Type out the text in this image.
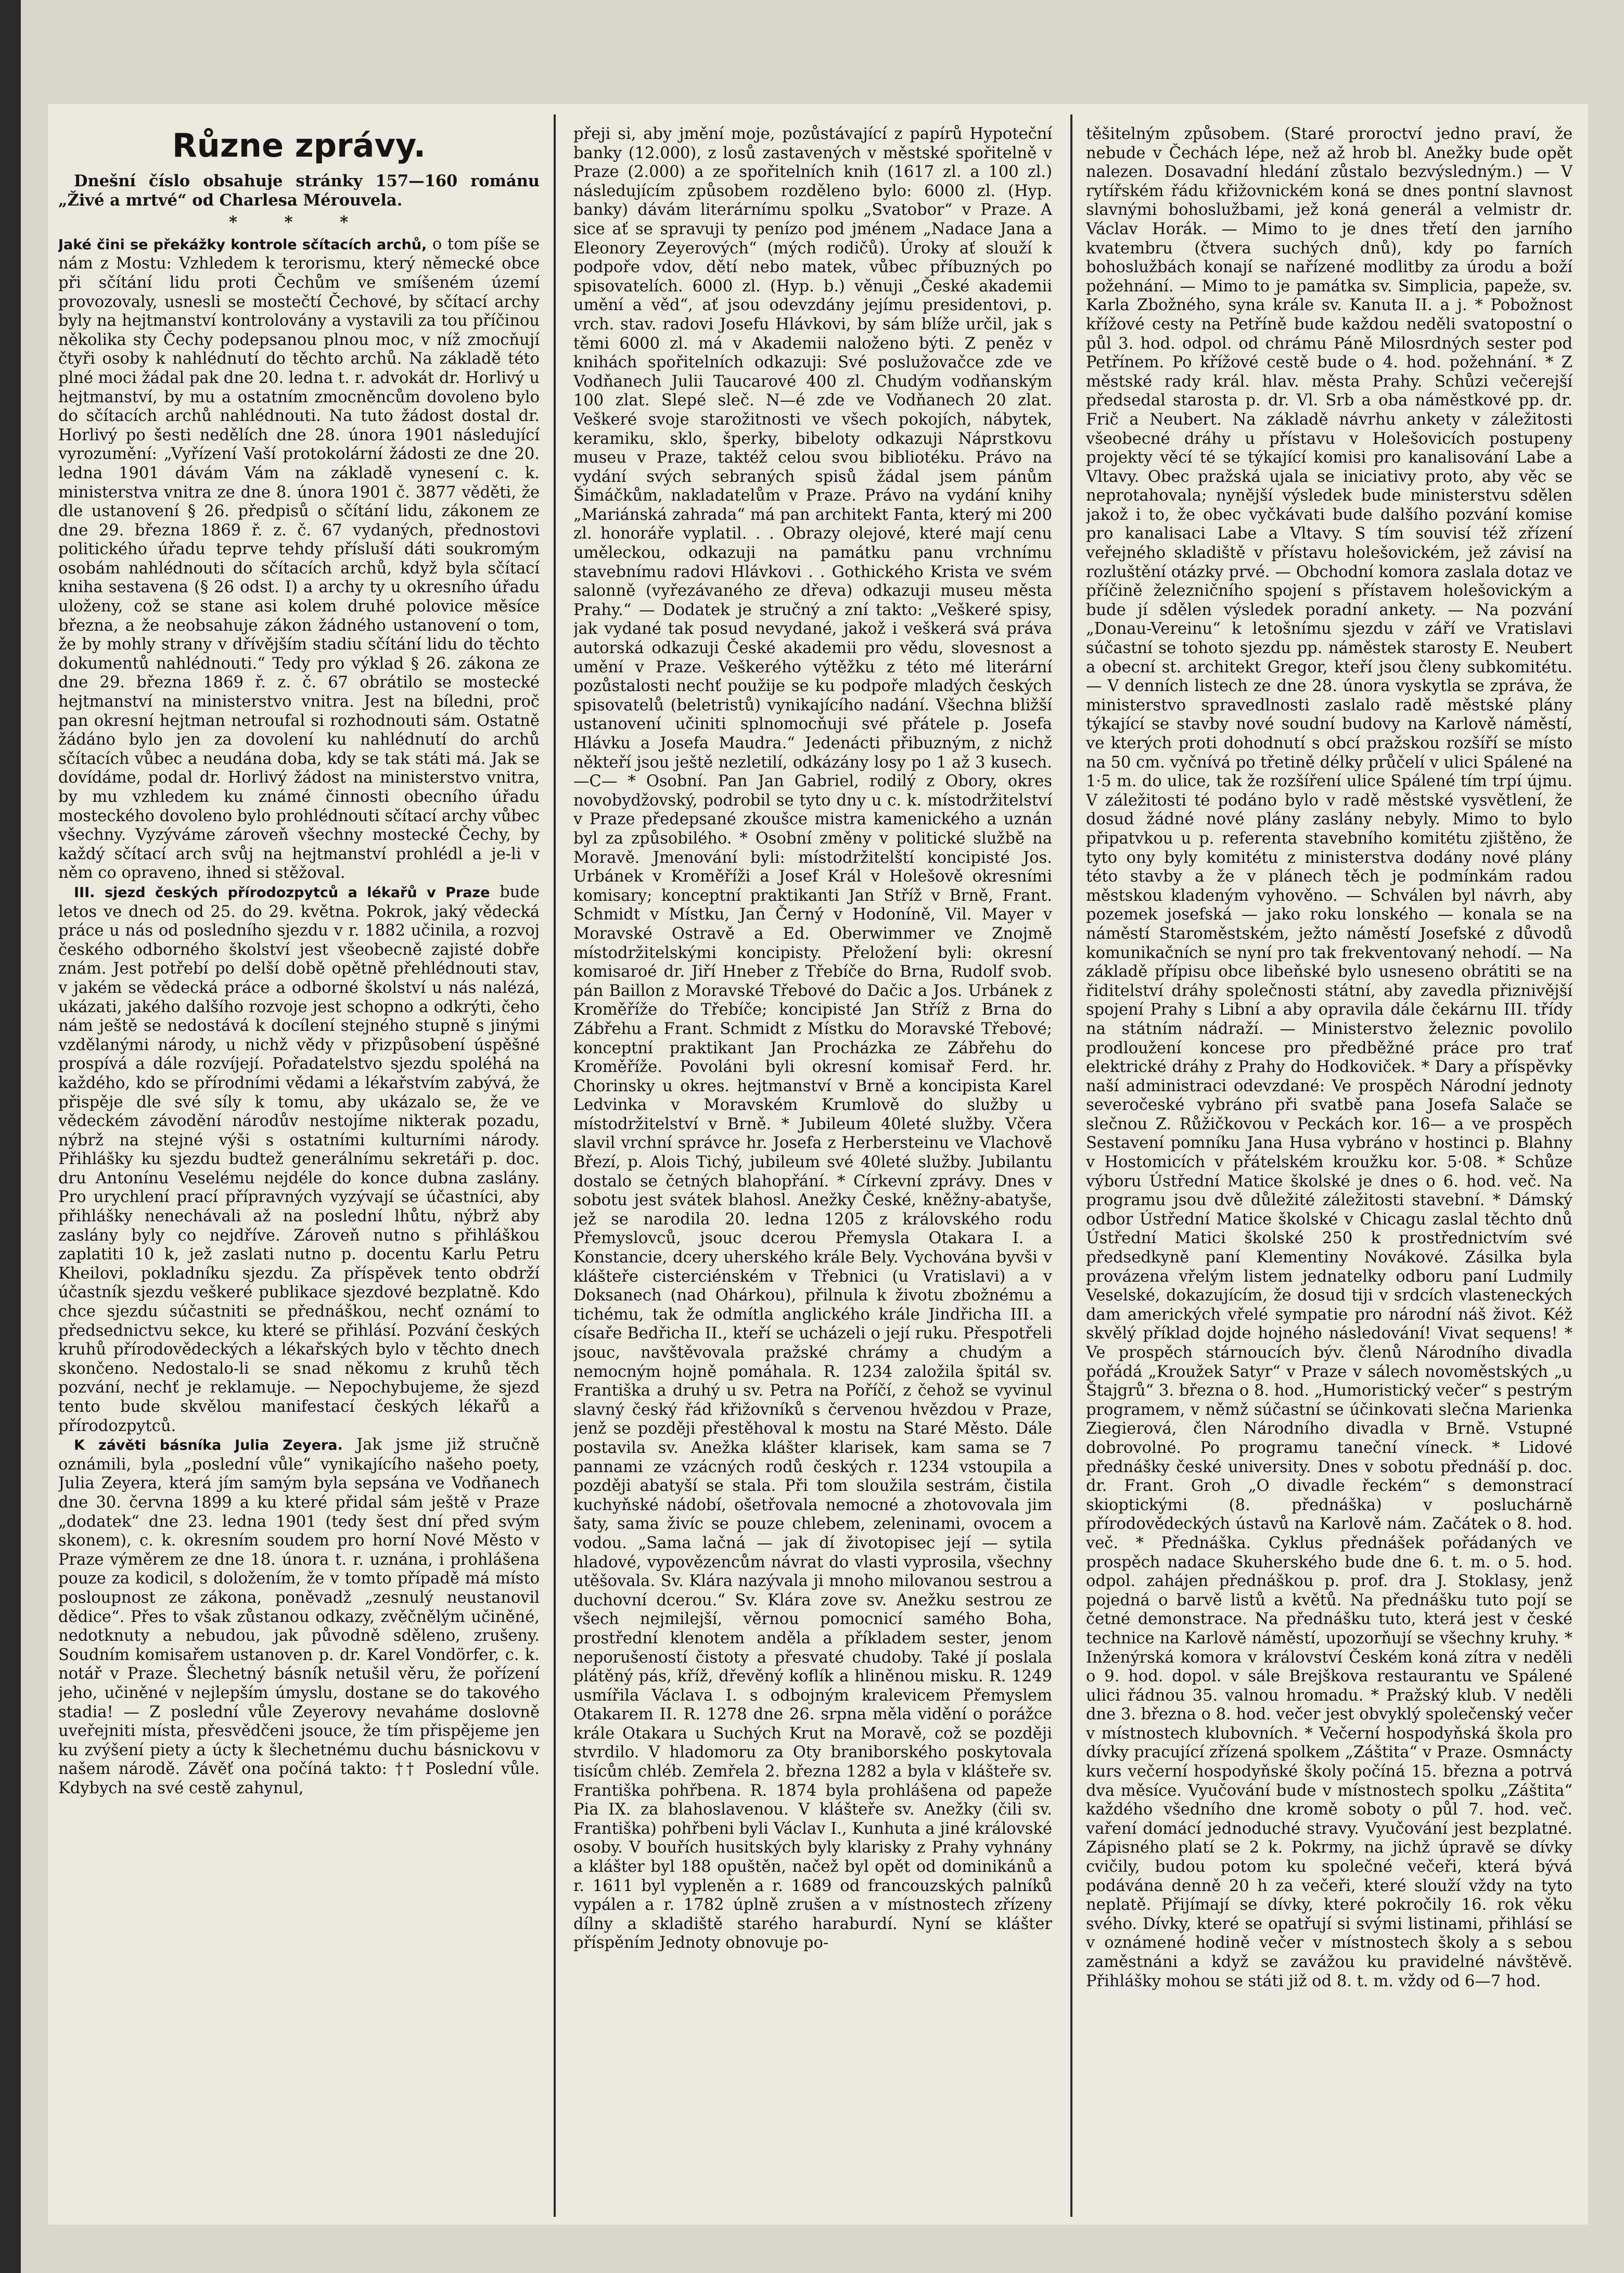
Různe zprávy.

Dnešní číslo obsahuje stránky 157—160 románu „Živé a mrtvé“ od Charlesa Mérouvela.

* * *

Jaké čini se překážky kontrole sčítacích archů, o tom píše se nám z Mostu: Vzhledem k terorismu, který německé obce při sčítání lidu proti Čechům ve smíšeném území provozovaly, usnesli se mostečtí Čechové, by sčítací archy byly na hejtmanství kontrolovány a vystavili za tou příčinou několika sty Čechy podepsanou plnou moc, v níž zmocňují čtyři osoby k nahlédnutí do těchto archů. Na základě této plné moci žádal pak dne 20. ledna t. r. advokát dr. Horlivý u hejtmanství, by mu a ostatním zmocněncům dovoleno bylo do sčítacích archů nahlédnouti. Na tuto žádost dostal dr. Horlivý po šesti nedělích dne 28. února 1901 následující vyrozumění: „Vyřízení Vaší protokolární žádosti ze dne 20. ledna 1901 dávám Vám na základě vynesení c. k. ministerstva vnitra ze dne 8. února 1901 č. 3877 věděti, že dle ustanovení § 26. předpisů o sčítání lidu, zákonem ze dne 29. března 1869 ř. z. č. 67 vydaných, přednostovi politického úřadu teprve tehdy přísluší dáti soukromým osobám nahlédnouti do sčítacích archů, když byla sčítací kniha sestavena (§ 26 odst. I) a archy ty u okresního úřadu uloženy, což se stane asi kolem druhé polovice měsíce března, a že neobsahuje zákon žádného ustanovení o tom, že by mohly strany v dřívějším stadiu sčítání lidu do těchto dokumentů nahlédnouti.“ Tedy pro výklad § 26. zákona ze dne 29. března 1869 ř. z. č. 67 obrátilo se mostecké hejtmanství na ministerstvo vnitra. Jest na bíledni, proč pan okresní hejtman netroufal si rozhodnouti sám. Ostatně žádáno bylo jen za dovolení ku nahlédnutí do archů sčítacích vůbec a neudána doba, kdy se tak státi má. Jak se dovídáme, podal dr. Horlivý žádost na ministerstvo vnitra, by mu vzhledem ku známé činnosti obecního úřadu mosteckého dovoleno bylo prohlédnouti sčítací archy vůbec všechny. Vyzýváme zároveň všechny mostecké Čechy, by každý sčítací arch svůj na hejtmanství prohlédl a je-li v něm co opraveno, ihned si stěžoval.

III. sjezd českých přírodozpytců a lékařů v Praze bude letos ve dnech od 25. do 29. května. Pokrok, jaký vědecká práce u nás od posledního sjezdu v r. 1882 učinila, a rozvoj českého odborného školství jest všeobecně zajisté dobře znám. Jest potřebí po delší době opětně přehlédnouti stav, v jakém se vědecká práce a odborné školství u nás nalézá, ukázati, jakého dalšího rozvoje jest schopno a odkrýti, čeho nám ještě se nedostává k docílení stejného stupně s jinými vzdělanými národy, u nichž vědy v přizpůsobení úspěšné prospívá a dále rozvíjejí. Pořadatelstvo sjezdu spoléhá na každého, kdo se přírodními vědami a lékařstvím zabývá, že přispěje dle své síly k tomu, aby ukázalo se, že ve vědeckém závodění národův nestojíme nikterak pozadu, nýbrž na stejné výši s ostatními kulturními národy. Přihlášky ku sjezdu budtež generálnímu sekretáři p. doc. dru Antonínu Veselému nejdéle do konce dubna zaslány. Pro urychlení prací přípravných vyzývají se účastníci, aby přihlášky nenechávali až na poslední lhůtu, nýbrž aby zaslány byly co nejdříve. Zároveň nutno s přihláškou zaplatiti 10 k, jež zaslati nutno p. docentu Karlu Petru Kheilovi, pokladníku sjezdu. Za příspěvek tento obdrží účastník sjezdu veškeré publikace sjezdové bezplatně. Kdo chce sjezdu súčastniti se přednáškou, nechť oznámí to předsednictvu sekce, ku které se přihlásí. Pozvání českých kruhů přírodovědeckých a lékařských bylo v těchto dnech skončeno. Nedostalo-li se snad někomu z kruhů těch pozvání, nechť je reklamuje. — Nepochybujeme, že sjezd tento bude skvělou manifestací českých lékařů a přírodozpytců.

K závěti básníka Julia Zeyera. Jak jsme již stručně oznámili, byla „poslední vůle“ vynikajícího našeho poety, Julia Zeyera, která jím samým byla sepsána ve Vodňanech dne 30. června 1899 a ku které přidal sám ještě v Praze „dodatek“ dne 23. ledna 1901 (tedy šest dní před svým skonem), c. k. okresním soudem pro horní Nové Město v Praze výměrem ze dne 18. února t. r. uznána, i prohlášena pouze za kodicil, s doložením, že v tomto případě má místo posloupnost ze zákona, poněvadž „zesnulý neustanovil dědice“. Přes to však zůstanou odkazy, zvěčnělým učiněné, nedotknuty a nebudou, jak původně sděleno, zrušeny. Soudním komisařem ustanoven p. dr. Karel Vondörfer, c. k. notář v Praze. Šlechetný básník netušil věru, že pořízení jeho, učiněné v nejlepším úmyslu, dostane se do takového stadia! — Z poslední vůle Zeyerovy nevaháme doslovně uveřejniti místa, přesvědčeni jsouce, že tím přispějeme jen ku zvýšení piety a úcty k šlechetnému duchu básnickovu v našem národě. Závěť ona počíná takto: †† Poslední vůle. Kdybych na své cestě zahynul,

přeji si, aby jmění moje, pozůstávající z papírů Hypoteční banky (12.000), z losů zastavených v městské spořitelně v Praze (2.000) a ze spořitelních knih (1617 zl. a 100 zl.) následujícím způsobem rozděleno bylo: 6000 zl. (Hyp. banky) dávám literárnímu spolku „Svatobor“ v Praze. A sice ať se spravuji ty penízo pod jménem „Nadace Jana a Eleonory Zeyerových“ (mých rodičů). Úroky ať slouží k podpoře vdov, dětí nebo matek, vůbec příbuzných po spisovatelích. 6000 zl. (Hyp. b.) věnuji „České akademii umění a věd“, ať jsou odevzdány jejímu presidentovi, p. vrch. stav. radovi Josefu Hlávkovi, by sám blíže určil, jak s těmi 6000 zl. má v Akademii naloženo býti. Z peněz v knihách spořitelních odkazuji: Své poslužovačce zde ve Vodňanech Julii Taucarové 400 zl. Chudým vodňanským 100 zlat. Slepé sleč. N—é zde ve Vodňanech 20 zlat. Veškeré svoje starožitnosti ve všech pokojích, nábytek, keramiku, sklo, šperky, bibeloty odkazuji Náprstkovu museu v Praze, taktéž celou svou bibliotéku. Právo na vydání svých sebraných spisů žádal jsem pánům Šimáčkům, nakladatelům v Praze. Právo na vydání knihy „Mariánská zahrada“ má pan architekt Fanta, který mi 200 zl. honoráře vyplatil. . . Obrazy olejové, které mají cenu uměleckou, odkazuji na památku panu vrchnímu stavebnímu radovi Hlávkovi . . Gothického Krista ve svém salonně (vyřezávaného ze dřeva) odkazuji museu města Prahy.“ — Dodatek je stručný a zní takto: „Veškeré spisy, jak vydané tak posud nevydané, jakož i veškerá svá práva autorská odkazuji České akademii pro vědu, slovesnost a umění v Praze. Veškerého výtěžku z této mé literární pozůstalosti nechť použije se ku podpoře mladých českých spisovatelů (beletristů) vynikajícího nadání. Všechna bližší ustanovení učiniti splnomocňuji své přátele p. Josefa Hlávku a Josefa Maudra.“ Jedenácti přibuzným, z nichž někteří jsou ještě nezletilí, odkázány losy po 1 až 3 kusech. —C— * Osobní. Pan Jan Gabriel, rodilý z Obory, okres novobydžovský, podrobil se tyto dny u c. k. místodržitelství v Praze předepsané zkoušce mistra kamenického a uznán byl za způsobilého. * Osobní změny v politické službě na Moravě. Jmenování byli: místodržitelští koncipisté Jos. Urbánek v Kroměříži a Josef Král v Holešově okresními komisary; konceptní praktikanti Jan Stříž v Brně, Frant. Schmidt v Místku, Jan Černý v Hodoníně, Vil. Mayer v Moravské Ostravě a Ed. Oberwimmer ve Znojmě místodržitelskými koncipisty. Přeložení byli: okresní komisaroé dr. Jiří Hneber z Třebíče do Brna, Rudolf svob. pán Baillon z Moravské Třebové do Dačic a Jos. Urbánek z Kroměříže do Třebíče; koncipisté Jan Stříž z Brna do Zábřehu a Frant. Schmidt z Místku do Moravské Třebové; konceptní praktikant Jan Procházka ze Zábřehu do Kroměříže. Povoláni byli okresní komisař Ferd. hr. Chorinsky u okres. hejtmanství v Brně a koncipista Karel Ledvinka v Moravském Krumlově do služby u místodržitelství v Brně. * Jubileum 40leté služby. Včera slavil vrchní správce hr. Josefa z Herbersteinu ve Vlachově Březí, p. Alois Tichý, jubileum své 40leté služby. Jubilantu dostalo se četných blahopřání. * Církevní zprávy. Dnes v sobotu jest svátek blahosl. Anežky České, kněžny-abatyše, jež se narodila 20. ledna 1205 z královského rodu Přemyslovců, jsouc dcerou Přemysla Otakara I. a Konstancie, dcery uherského krále Bely. Vychována byvši v klášteře cisterciénském v Třebnici (u Vratislavi) a v Doksanech (nad Ohárkou), přilnula k životu zbožnému a tichému, tak že odmítla anglického krále Jindřicha III. a císaře Bedřicha II., kteří se ucházeli o její ruku. Přespotřeli jsouc, navštěvovala pražské chrámy a chudým a nemocným hojně pomáhala. R. 1234 založila špitál sv. Františka a druhý u sv. Petra na Poříčí, z čehož se vyvinul slavný český řád křižovníků s červenou hvězdou v Praze, jenž se později přestěhoval k mostu na Staré Město. Dále postavila sv. Anežka klášter klarisek, kam sama se 7 pannami ze vzácných rodů českých r. 1234 vstoupila a později abatyší se stala. Při tom sloužila sestrám, čistila kuchyňské nádobí, ošetřovala nemocné a zhotovovala jim šaty, sama živíc se pouze chlebem, zeleninami, ovocem a vodou. „Sama lačná — jak dí životopisec její — sytila hladové, vypovězencům návrat do vlasti vyprosila, všechny utěšovala. Sv. Klára nazývala ji mnoho milovanou sestrou a duchovní dcerou.“ Sv. Klára zove sv. Anežku sestrou ze všech nejmilejší, věrnou pomocnicí samého Boha, prostřední klenotem anděla a příkladem sester, jenom neporušeností čistoty a přesvaté chudoby. Také jí poslala plátěný pás, kříž, dřevěný koflík a hliněnou misku. R. 1249 usmířila Václava I. s odbojným kralevicem Přemyslem Otakarem II. R. 1278 dne 26. srpna měla vidění o porážce krále Otakara u Suchých Krut na Moravě, což se později stvrdilo. V hladomoru za Oty braniborského poskytovala tisícům chléb. Zemřela 2. března 1282 a byla v klášteře sv. Františka pohřbena. R. 1874 byla prohlášena od papeže Pia IX. za blahoslavenou. V klášteře sv. Anežky (čili sv. Františka) pohřbeni byli Václav I., Kunhuta a jiné královské osoby. V bouřích husitských byly klarisky z Prahy vyhnány a klášter byl 188 opuštěn, načež byl opět od dominikánů a r. 1611 byl vypleněn a r. 1689 od francouzských palníků vypálen a r. 1782 úplně zrušen a v místnostech zřízeny dílny a skladiště starého haraburdí. Nyní se klášter příspěním Jednoty obnovuje po-

těšitelným způsobem. (Staré proroctví jedno praví, že nebude v Čechách lépe, než až hrob bl. Anežky bude opět nalezen. Dosavadní hledání zůstalo bezvýsledným.) — V rytířském řádu křižovnickém koná se dnes pontní slavnost slavnými bohoslužbami, jež koná generál a velmistr dr. Václav Horák. — Mimo to je dnes třetí den jarního kvatembru (čtvera suchých dnů), kdy po farních bohoslužbách konají se nařízené modlitby za úrodu a boží požehnání. — Mimo to je památka sv. Simplicia, papeže, sv. Karla Zbožného, syna krále sv. Kanuta II. a j. * Pobožnost křížové cesty na Petříně bude každou neděli svatopostní o půl 3. hod. odpol. od chrámu Páně Milosrdných sester pod Petřínem. Po křížové cestě bude o 4. hod. požehnání. * Z městské rady král. hlav. města Prahy. Schůzi večerejší předsedal starosta p. dr. Vl. Srb a oba náměstkové pp. dr. Frič a Neubert. Na základě návrhu ankety v záležitosti všeobecné dráhy u přístavu v Holešovicích postupeny projekty věcí té se týkající komisi pro kanalisování Labe a Vltavy. Obec pražská ujala se iniciativy proto, aby věc se neprotahovala; nynější výsledek bude ministerstvu sdělen jakož i to, že obec vyčkávati bude dalšího pozvání komise pro kanalisaci Labe a Vltavy. S tím souvisí též zřízení veřejného skladiště v přístavu holešovickém, jež závisí na rozluštění otázky prvé. — Obchodní komora zaslala dotaz ve příčině železničního spojení s přístavem holešovickým a bude jí sdělen výsledek poradní ankety. — Na pozvání „Donau-Vereinu“ k letošnímu sjezdu v září ve Vratislavi súčastní se tohoto sjezdu pp. náměstek starosty E. Neubert a obecní st. architekt Gregor, kteří jsou členy subkomitétu. — V denních listech ze dne 28. února vyskytla se zpráva, že ministerstvo spravedlnosti zaslalo radě městské plány týkající se stavby nové soudní budovy na Karlově náměstí, ve kterých proti dohodnutí s obcí pražskou rozšíří se místo na 50 cm. vyčnívá po třetině délky průčelí v ulici Spálené na 1·5 m. do ulice, tak že rozšíření ulice Spálené tím trpí újmu. V záležitosti té podáno bylo v radě městské vysvětlení, že dosud žádné nové plány zaslány nebyly. Mimo to bylo připatvkou u p. referenta stavebního komitétu zjištěno, že tyto ony byly komitétu z ministerstva dodány nové plány této stavby a že v plánech těch je podmínkám radou městskou kladeným vyhověno. — Schválen byl návrh, aby pozemek josefská — jako roku lonského — konala se na náměstí Staroměstském, ježto náměstí Josefské z důvodů komunikačních se nyní pro tak frekventovaný nehodí. — Na základě přípisu obce libeňské bylo usneseno obrátiti se na řiditelství dráhy společnosti státní, aby zavedla přiznivější spojení Prahy s Libní a aby opravila dále čekárnu III. třídy na státním nádraží. — Ministerstvo železnic povolilo prodloužení koncese pro předběžné práce pro trať elektrické dráhy z Prahy do Hodkoviček. * Dary a příspěvky naší administraci odevzdané: Ve prospěch Národní jednoty severočeské vybráno při svatbě pana Josefa Salače se slečnou Z. Růžičkovou v Peckách kor. 16— a ve prospěch Sestavení pomníku Jana Husa vybráno v hostinci p. Blahny v Hostomicích v přátelském kroužku kor. 5·08. * Schůze výboru Ústřední Matice školské je dnes o 6. hod. več. Na programu jsou dvě důležité záležitosti stavební. * Dámský odbor Ústřední Matice školské v Chicagu zaslal těchto dnů Ústřední Matici školské 250 k prostřednictvím své předsedkyně paní Klementiny Novákové. Zásilka byla provázena vřelým listem jednatelky odboru paní Ludmily Veselské, dokazujícím, že dosud tiji v srdcích vlasteneckých dam amerických vřelé sympatie pro národní náš život. Kéž skvělý příklad dojde hojného následování! Vivat sequens! * Ve prospěch stárnoucích býv. členů Národního divadla pořádá „Kroužek Satyr“ v Praze v sálech novoměstských „u Štajgrů“ 3. března o 8. hod. „Humoristický večer“ s pestrým programem, v němž súčastní se účinkovati slečna Marienka Ziegierová, člen Národního divadla v Brně. Vstupné dobrovolné. Po programu taneční víneck. * Lidové přednášky české university. Dnes v sobotu přednáší p. doc. dr. Frant. Groh „O divadle řeckém“ s demonstrací skioptickými (8. přednáška) v posluchárně přírodovědeckých ústavů na Karlově nám. Začátek o 8. hod. več. * Přednáška. Cyklus přednášek pořádaných ve prospěch nadace Skuherského bude dne 6. t. m. o 5. hod. odpol. zahájen přednáškou p. prof. dra J. Stoklasy, jenž pojedná o barvě listů a květů. Na přednášku tuto pojí se četné demonstrace. Na přednášku tuto, která jest v české technice na Karlově náměstí, upozorňují se všechny kruhy. * Inženýrská komora v království Českém koná zítra v neděli o 9. hod. dopol. v sále Brejškova restaurantu ve Spálené ulici řádnou 35. valnou hromadu. * Pražský klub. V neděli dne 3. března o 8. hod. večer jest obvyklý společenský večer v místnostech klubovních. * Večerní hospodyňská škola pro dívky pracující zřízená spolkem „Záštita“ v Praze. Osmnácty kurs večerní hospodyňské školy počíná 15. března a potrvá dva měsíce. Vyučování bude v místnostech spolku „Záštita“ každého všedního dne kromě soboty o půl 7. hod. več. vaření domácí jednoduché stravy. Vyučování jest bezplatné. Zápisného platí se 2 k. Pokrmy, na jichž úpravě se dívky cvičily, budou potom ku společné večeři, která bývá podávána denně 20 h za večeři, které slouží vždy na tyto neplatě. Přijímají se dívky, které pokročily 16. rok věku svého. Dívky, které se opatřují si svými listinami, přihlásí se v oznámené hodině večer v místnostech školy a s sebou zaměstnáni a když se zavážou ku pravidelné návštěvě. Přihlášky mohou se státi již od 8. t. m. vždy od 6—7 hod.
